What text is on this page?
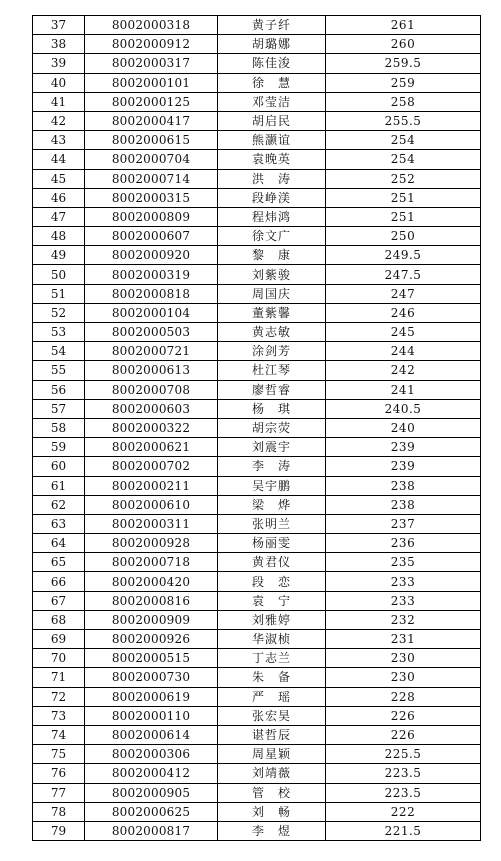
37	8002000318	黄子纤	261
38	8002000912	胡璐娜	260
39	8002000317	陈佳浚	259.5
40	8002000101	徐　慧	259
41	8002000125	邓莹洁	258
42	8002000417	胡启民	255.5
43	8002000615	熊灏谊	254
44	8002000704	袁晚英	254
45	8002000714	洪　涛	252
46	8002000315	段峥渼	251
47	8002000809	程炜鸿	251
48	8002000607	徐文广	250
49	8002000920	黎　康	249.5
50	8002000319	刘紫骏	247.5
51	8002000818	周国庆	247
52	8002000104	董紫馨	246
53	8002000503	黄志敏	245
54	8002000721	涂剑芳	244
55	8002000613	杜江琴	242
56	8002000708	廖哲睿	241
57	8002000603	杨　琪	240.5
58	8002000322	胡宗荧	240
59	8002000621	刘震宇	239
60	8002000702	李　涛	239
61	8002000211	吴宇鹏	238
62	8002000610	梁　烨	238
63	8002000311	张明兰	237
64	8002000928	杨丽雯	236
65	8002000718	黄君仪	235
66	8002000420	段　恋	233
67	8002000816	袁　宁	233
68	8002000909	刘雅婷	232
69	8002000926	华淑桢	231
70	8002000515	丁志兰	230
71	8002000730	朱　备	230
72	8002000619	严　瑶	228
73	8002000110	张宏昊	226
74	8002000614	谌哲辰	226
75	8002000306	周星颖	225.5
76	8002000412	刘靖薇	223.5
77	8002000905	管　校	223.5
78	8002000625	刘　畅	222
79	8002000817	李　煜	221.5
